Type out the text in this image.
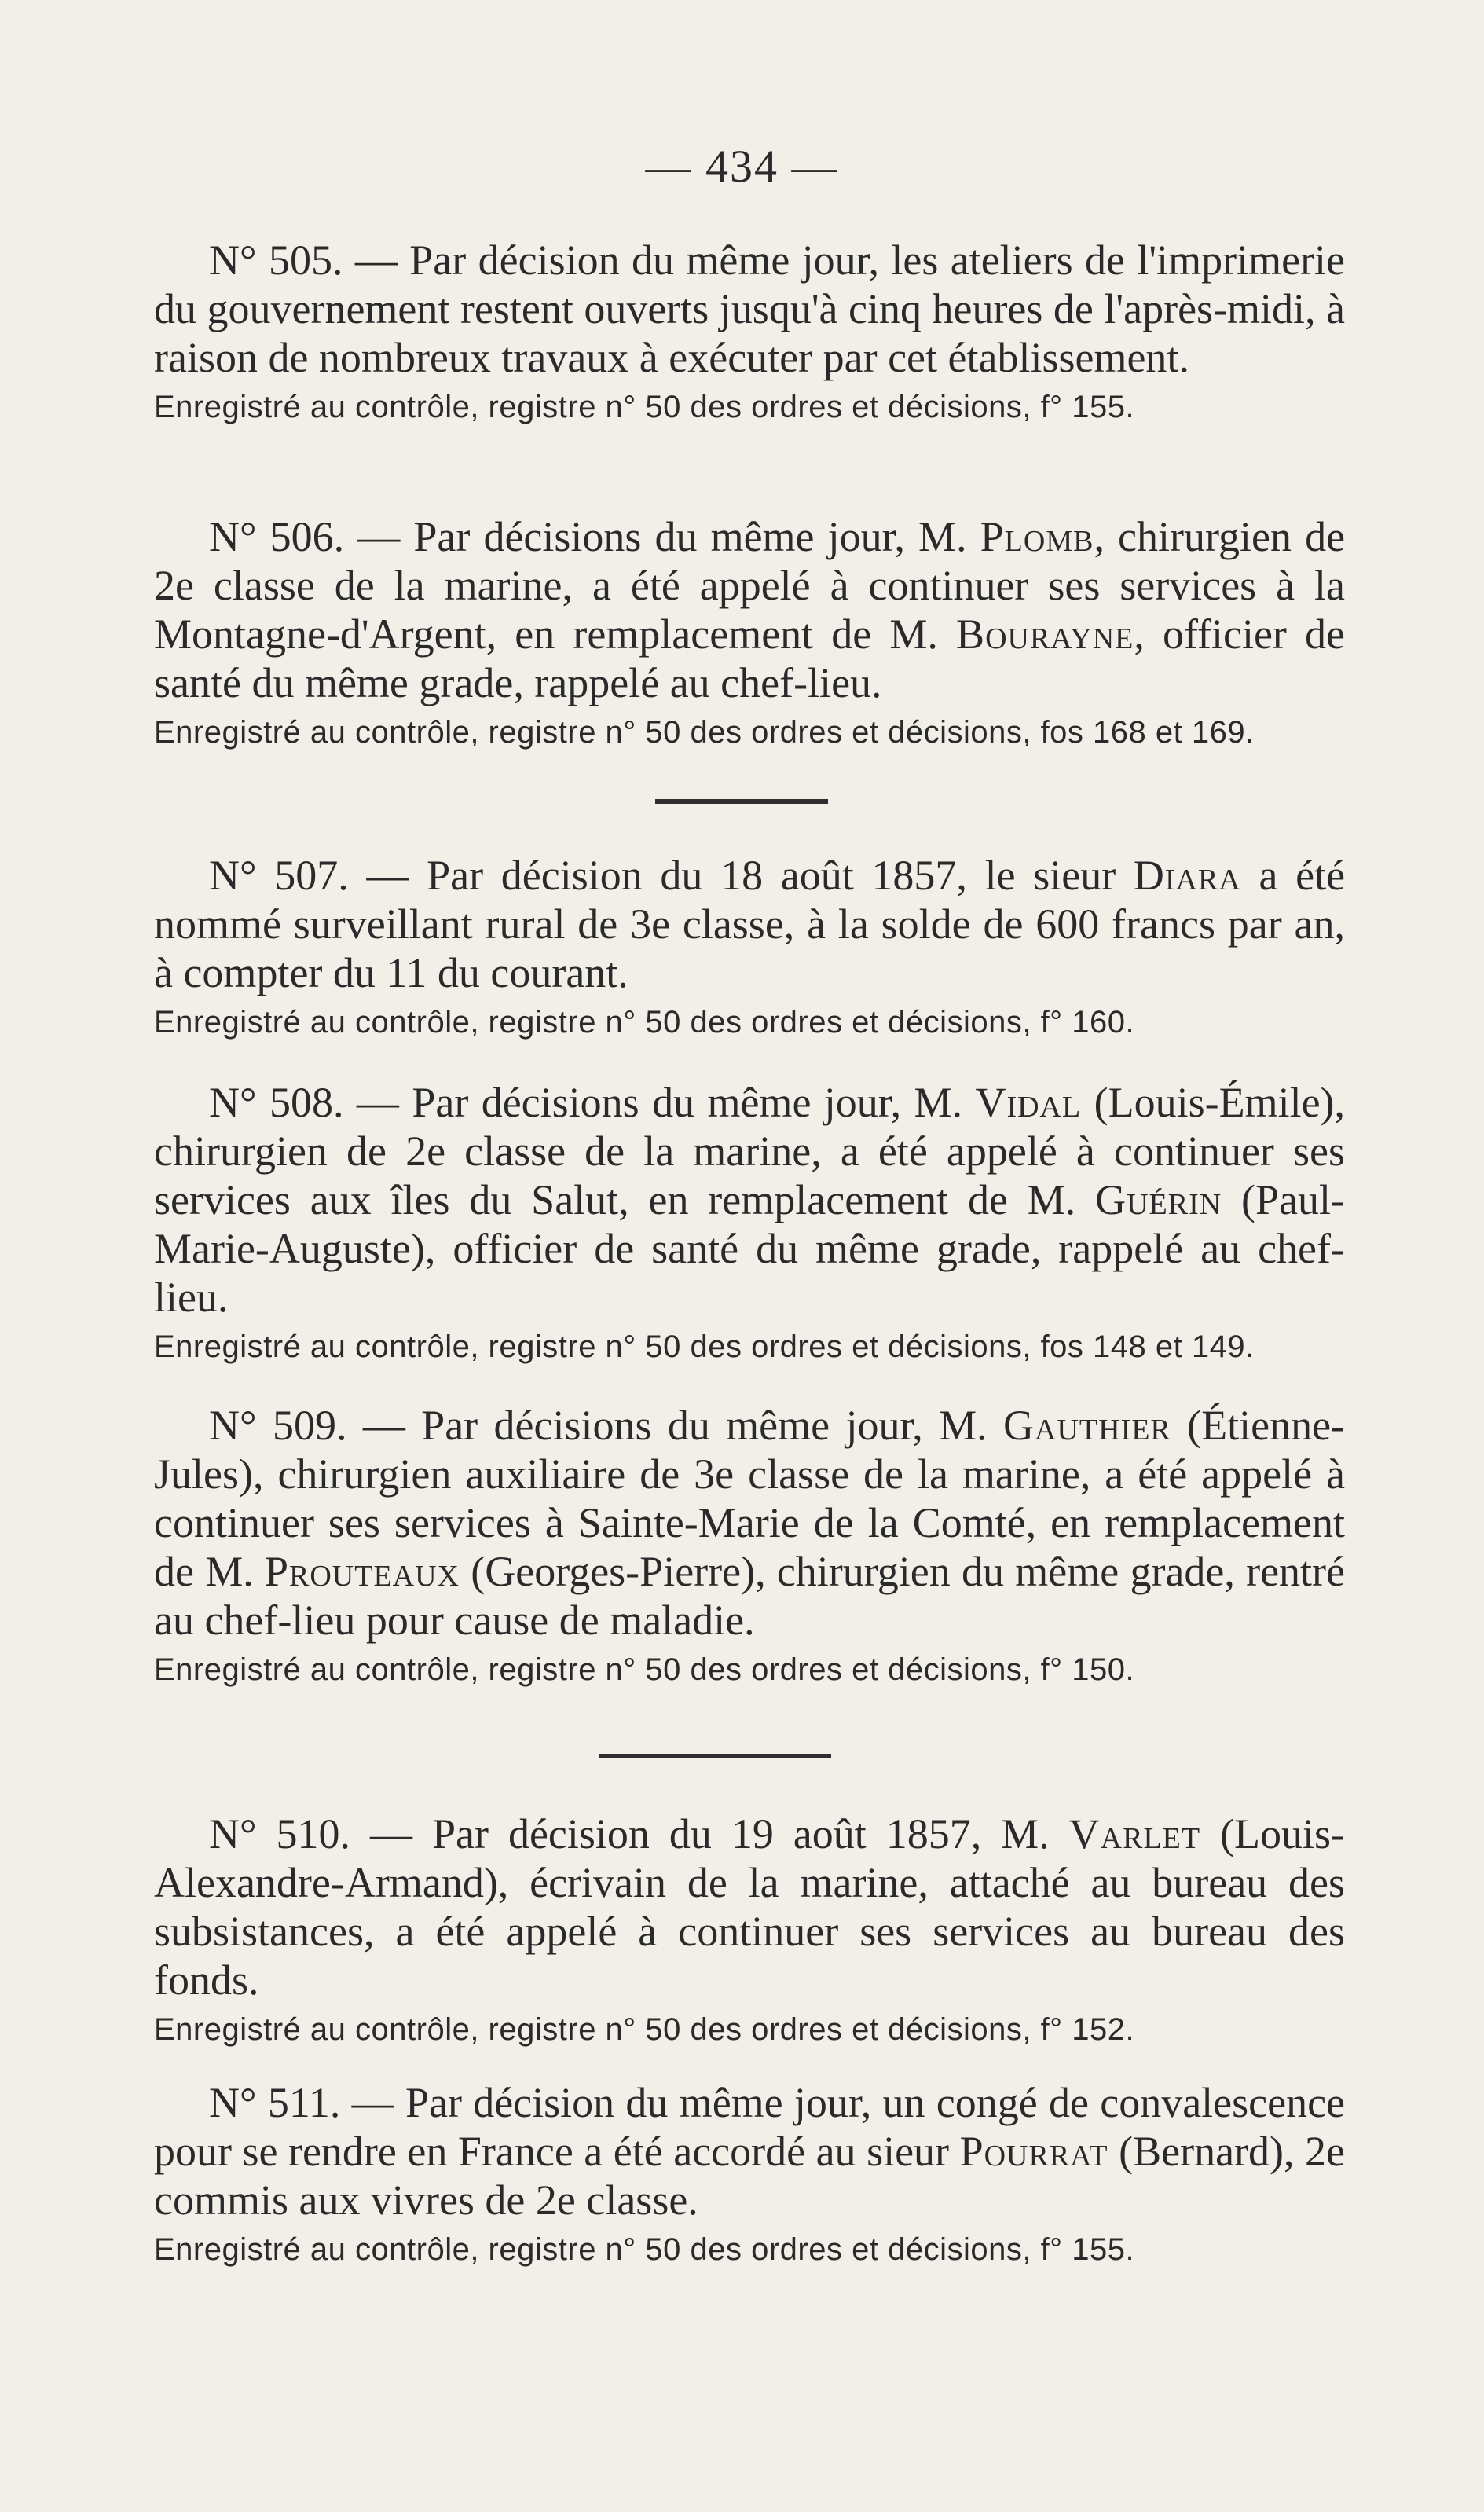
— 434 —

N° 505. — Par décision du même jour, les ateliers de l'imprimerie du gouvernement restent ouverts jusqu'à cinq heures de l'après-midi, à raison de nombreux travaux à exécuter par cet établissement.

Enregistré au contrôle, registre n° 50 des ordres et décisions, f° 155.

N° 506. — Par décisions du même jour, M. Plomb, chirurgien de 2e classe de la marine, a été appelé à continuer ses services à la Montagne-d'Argent, en remplacement de M. Bourayne, officier de santé du même grade, rappelé au chef-lieu.

Enregistré au contrôle, registre n° 50 des ordres et décisions, fos 168 et 169.

N° 507. — Par décision du 18 août 1857, le sieur Diara a été nommé surveillant rural de 3e classe, à la solde de 600 francs par an, à compter du 11 du courant.

Enregistré au contrôle, registre n° 50 des ordres et décisions, f° 160.

N° 508. — Par décisions du même jour, M. Vidal (Louis-Émile), chirurgien de 2e classe de la marine, a été appelé à continuer ses services aux îles du Salut, en remplacement de M. Guérin (Paul-Marie-Auguste), officier de santé du même grade, rappelé au chef-lieu.

Enregistré au contrôle, registre n° 50 des ordres et décisions, fos 148 et 149.

N° 509. — Par décisions du même jour, M. Gauthier (Étienne-Jules), chirurgien auxiliaire de 3e classe de la marine, a été appelé à continuer ses services à Sainte-Marie de la Comté, en remplacement de M. Prouteaux (Georges-Pierre), chirurgien du même grade, rentré au chef-lieu pour cause de maladie.

Enregistré au contrôle, registre n° 50 des ordres et décisions, f° 150.

N° 510. — Par décision du 19 août 1857, M. Varlet (Louis-Alexandre-Armand), écrivain de la marine, attaché au bureau des subsistances, a été appelé à continuer ses services au bureau des fonds.

Enregistré au contrôle, registre n° 50 des ordres et décisions, f° 152.

N° 511. — Par décision du même jour, un congé de convalescence pour se rendre en France a été accordé au sieur Pourrat (Bernard), 2e commis aux vivres de 2e classe.

Enregistré au contrôle, registre n° 50 des ordres et décisions, f° 155.
